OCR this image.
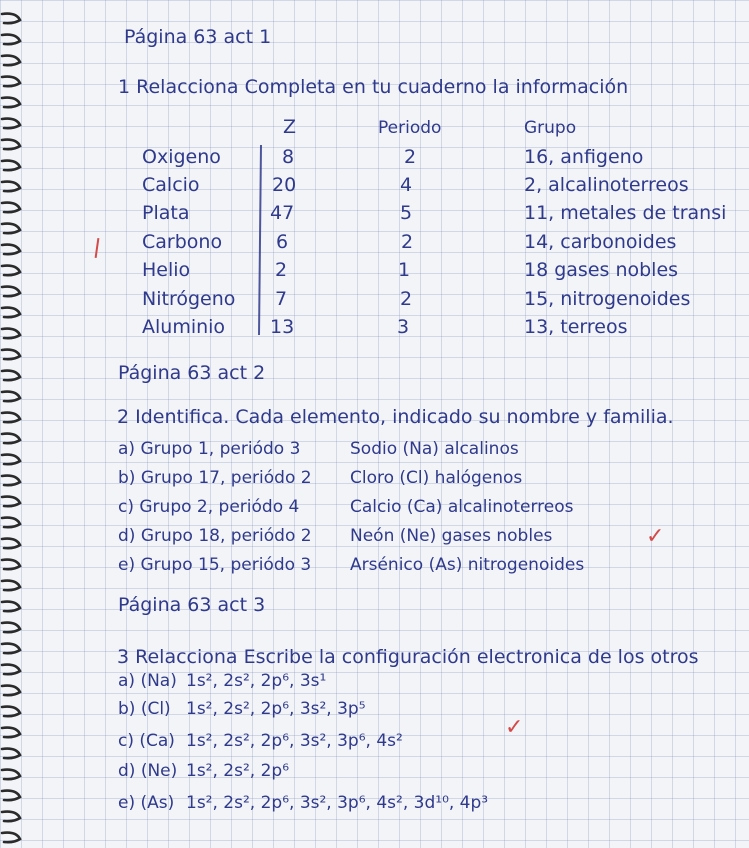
Página 63 act 1
1 Relacciona Completa en tu cuaderno la información
Z	Periodo	Grupo
Oxigeno	8	2	16, anfigeno
Calcio	20	4	2, alcalinoterreos
Plata	47	5	11, metales de transi
Carbono	6	2	14, carbonoides
Helio	2	1	18 gases nobles
Nitrógeno 7	2	15, nitrogenoides
Aluminio 13	3	13, terreos
Página 63 act 2
2 Identifica. Cada elemento, indicado su nombre y familia.
a) Grupo 1, periódo 3	Sodio (Na) alcalinos
b) Grupo 17, periódo 2 Cloro (Cl) halógenos
c) Grupo 2, periódo 4	Calcio (Ca) alcalinoterreos
d) Grupo 18, periódo 2 Neón (Ne) gases nobles	✓
e) Grupo 15, periódo 3 Arsénico (As) nitrogenoides
Página 63 act 3
3 Relacciona Escribe la configuración electronica de los otros
a) (Na) 1s², 2s², 2p⁶, 3s¹
b) (Cl) 1s², 2s², 2p⁶, 3s², 3p⁵
✓
c) (Ca) 1s², 2s², 2p⁶, 3s², 3p⁶, 4s²
d) (Ne) 1s², 2s², 2p⁶
e) (As) 1s², 2s², 2p⁶, 3s², 3p⁶, 4s², 3d¹⁰, 4p³
